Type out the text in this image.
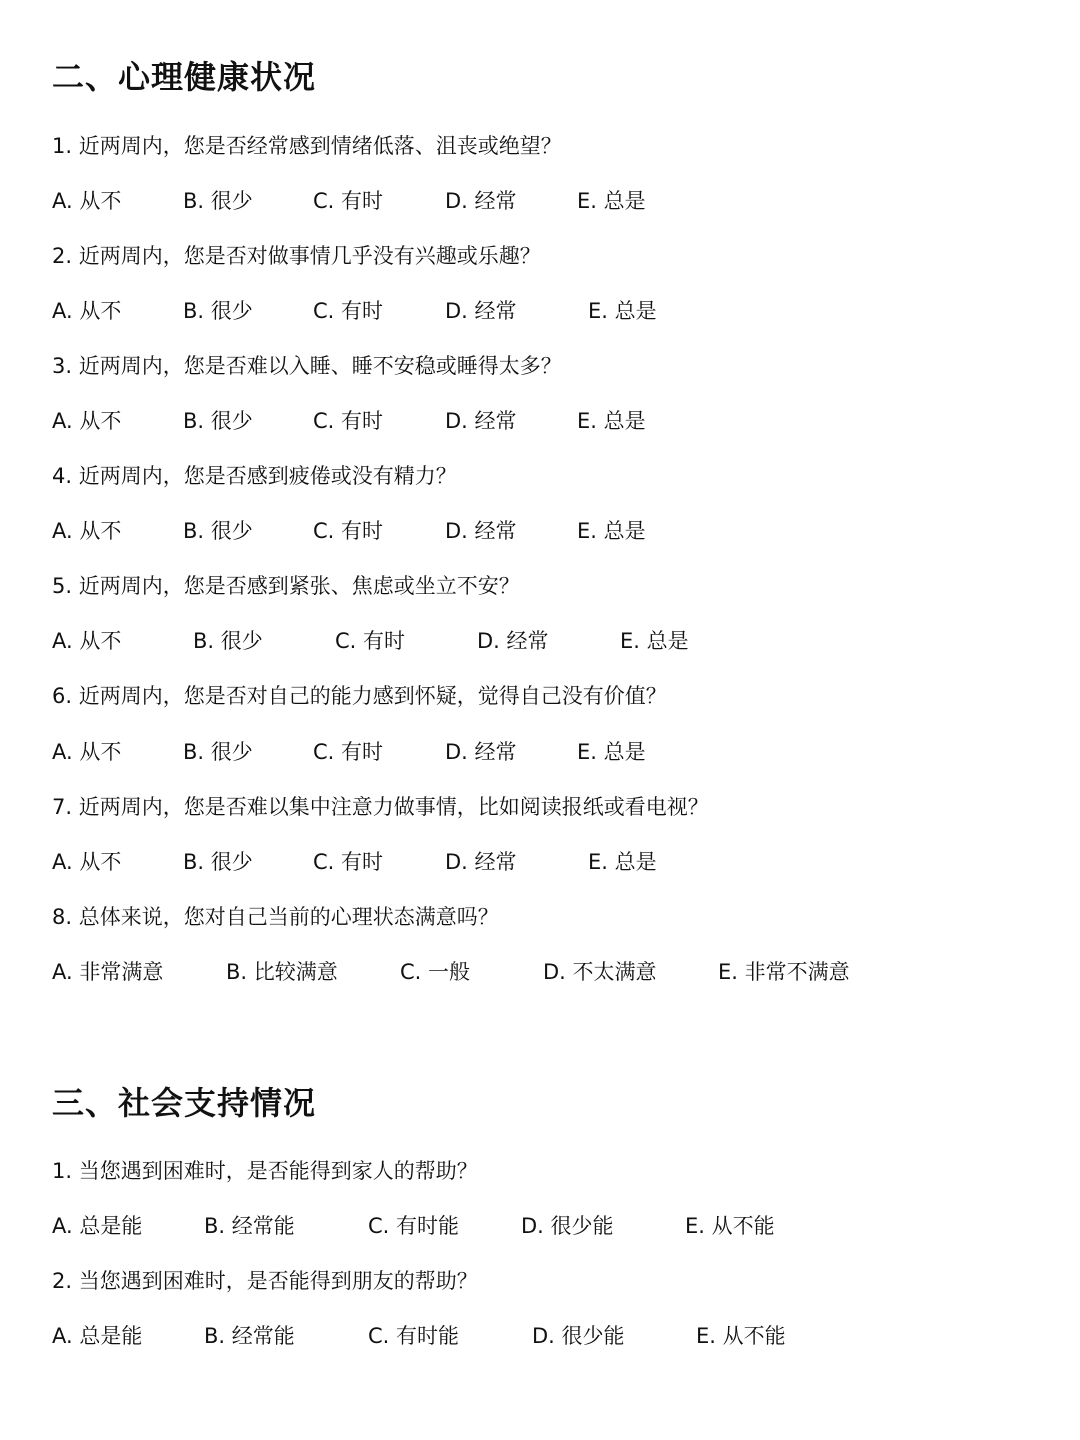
二、心理健康状况
1. 近两周内，您是否经常感到情绪低落、沮丧或绝望？
A. 从不	B. 很少	C. 有时	D. 经常	E. 总是
2. 近两周内，您是否对做事情几乎没有兴趣或乐趣？
A. 从不	B. 很少	C. 有时	D. 经常	E. 总是
3. 近两周内，您是否难以入睡、睡不安稳或睡得太多？
A. 从不	B. 很少	C. 有时	D. 经常	E. 总是
4. 近两周内，您是否感到疲倦或没有精力？
A. 从不	B. 很少	C. 有时	D. 经常	E. 总是
5. 近两周内，您是否感到紧张、焦虑或坐立不安？
A. 从不	B. 很少	C. 有时	D. 经常	E. 总是
6. 近两周内，您是否对自己的能力感到怀疑，觉得自己没有价值？
A. 从不	B. 很少	C. 有时	D. 经常	E. 总是
7. 近两周内，您是否难以集中注意力做事情，比如阅读报纸或看电视？
A. 从不	B. 很少	C. 有时	D. 经常	E. 总是
8. 总体来说，您对自己当前的心理状态满意吗？
A. 非常满意	B. 比较满意	C. 一般	D. 不太满意	E. 非常不满意
三、社会支持情况
1. 当您遇到困难时，是否能得到家人的帮助？
A. 总是能	B. 经常能	C. 有时能	D. 很少能	E. 从不能
2. 当您遇到困难时，是否能得到朋友的帮助？
A. 总是能	B. 经常能	C. 有时能	D. 很少能	E. 从不能
